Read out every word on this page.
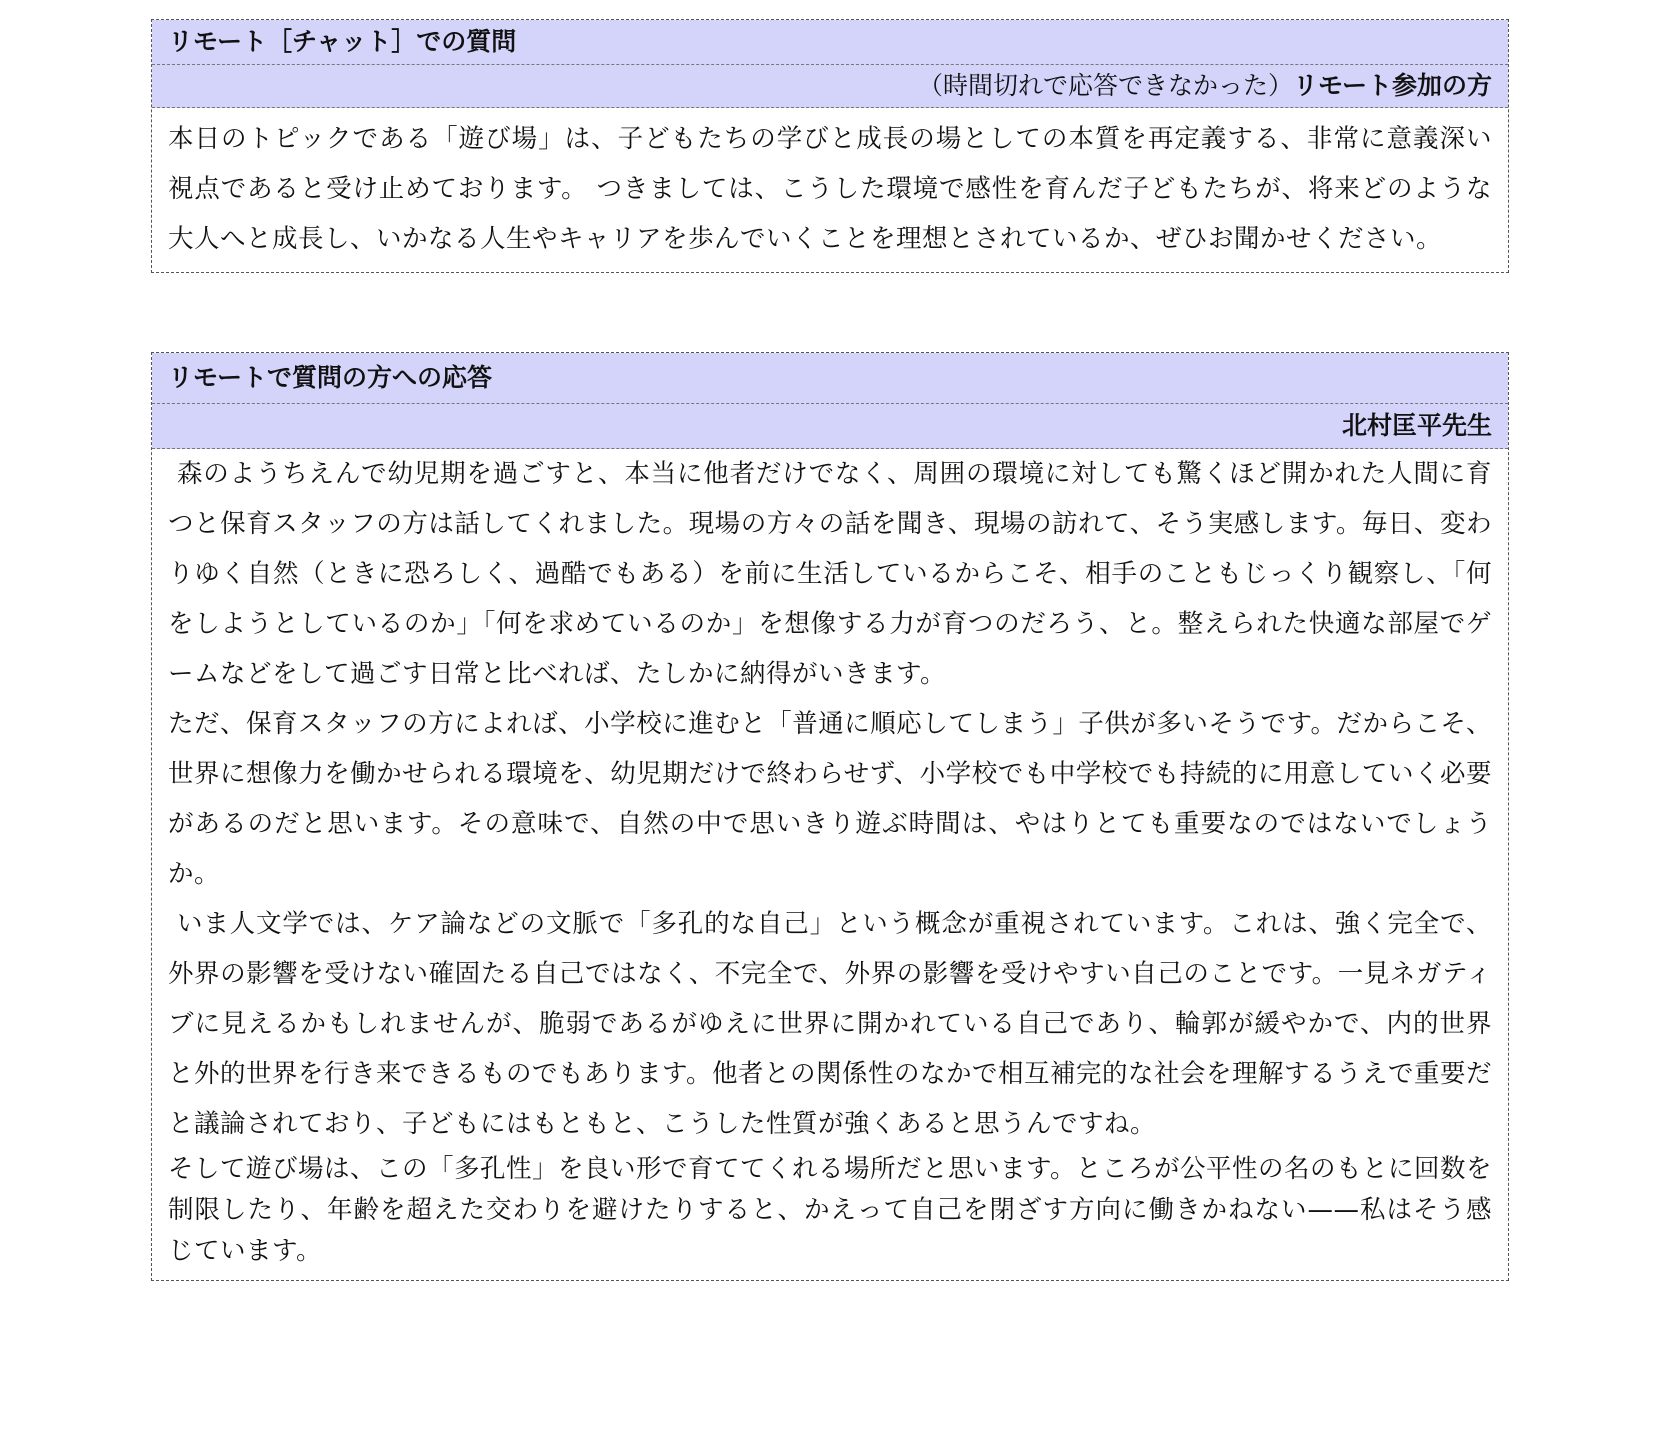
リモート［チャット］での質問
（時間切れで応答できなかった）リモート参加の方

本日のトピックである「遊び場」は、子どもたちの学びと成長の場としての本質を再定義する、非常に意義深い視点であると受け止めております。 つきましては、こうした環境で感性を育んだ子どもたちが、将来どのような大人へと成長し、いかなる人生やキャリアを歩んでいくことを理想とされているか、ぜひお聞かせください。

リモートで質問の方への応答
北村匡平先生

森のようちえんで幼児期を過ごすと、本当に他者だけでなく、周囲の環境に対しても驚くほど開かれた人間に育つと保育スタッフの方は話してくれました。現場の方々の話を聞き、現場の訪れて、そう実感します。毎日、変わりゆく自然（ときに恐ろしく、過酷でもある）を前に生活しているからこそ、相手のこともじっくり観察し、「何をしようとしているのか」「何を求めているのか」を想像する力が育つのだろう、と。整えられた快適な部屋でゲームなどをして過ごす日常と比べれば、たしかに納得がいきます。

ただ、保育スタッフの方によれば、小学校に進むと「普通に順応してしまう」子供が多いそうです。だからこそ、世界に想像力を働かせられる環境を、幼児期だけで終わらせず、小学校でも中学校でも持続的に用意していく必要があるのだと思います。その意味で、自然の中で思いきり遊ぶ時間は、やはりとても重要なのではないでしょうか。

いま人文学では、ケア論などの文脈で「多孔的な自己」という概念が重視されています。これは、強く完全で、外界の影響を受けない確固たる自己ではなく、不完全で、外界の影響を受けやすい自己のことです。一見ネガティブに見えるかもしれませんが、脆弱であるがゆえに世界に開かれている自己であり、輪郭が緩やかで、内的世界と外的世界を行き来できるものでもあります。他者との関係性のなかで相互補完的な社会を理解するうえで重要だと議論されており、子どもにはもともと、こうした性質が強くあると思うんですね。

そして遊び場は、この「多孔性」を良い形で育ててくれる場所だと思います。ところが公平性の名のもとに回数を制限したり、年齢を超えた交わりを避けたりすると、かえって自己を閉ざす方向に働きかねない——私はそう感じています。
